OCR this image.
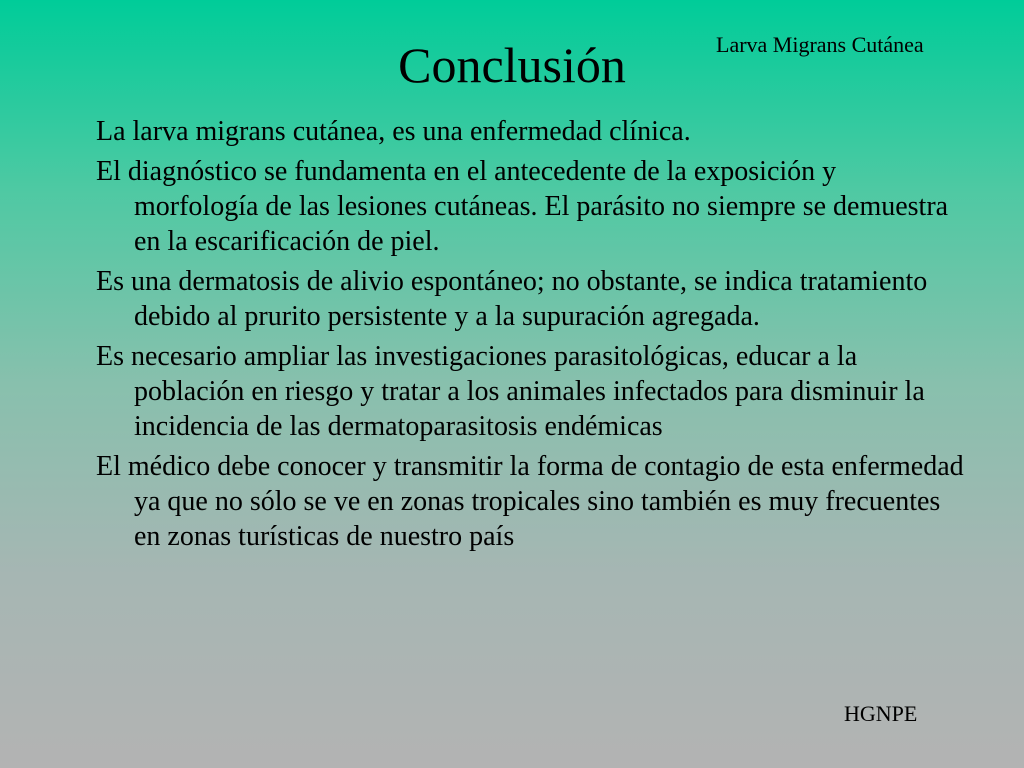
Larva Migrans Cutánea
Conclusión
La larva migrans cutánea, es una enfermedad clínica.
El diagnóstico se fundamenta en el antecedente de la exposición y morfología de las lesiones cutáneas. El parásito no siempre se demuestra en la escarificación de piel.
Es una dermatosis de alivio espontáneo; no obstante, se indica tratamiento debido al prurito persistente y a la supuración agregada.
Es necesario ampliar las investigaciones parasitológicas, educar a la población en riesgo y tratar a los animales infectados para disminuir la incidencia de las dermatoparasitosis endémicas
El médico debe conocer y transmitir la forma de contagio de esta enfermedad ya que no sólo se ve en zonas tropicales sino también es muy frecuentes en zonas turísticas de nuestro país
HGNPE
